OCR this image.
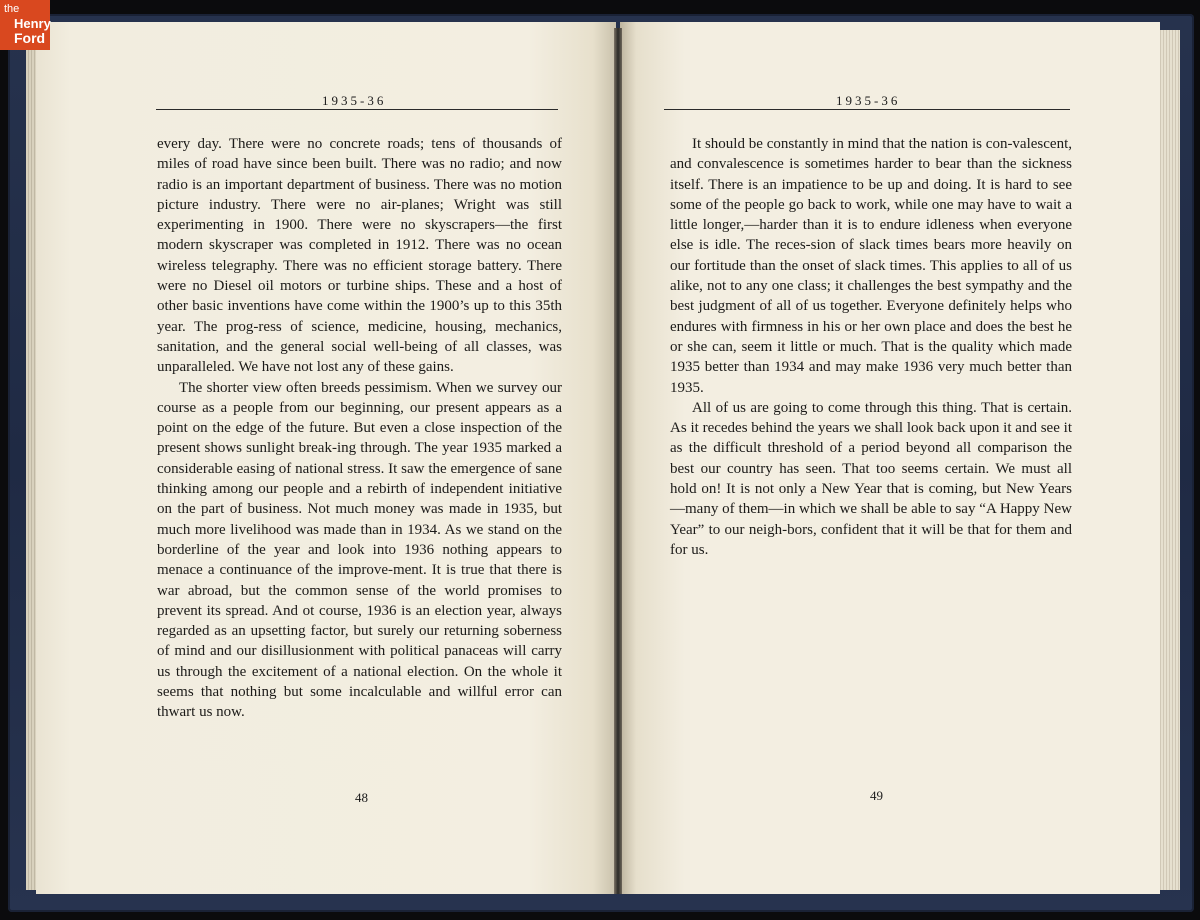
the
Henry
Ford
1935-36

every day. There were no concrete roads; tens of thousands of miles of road have since been built. There was no radio; and now radio is an important department of business. There was no motion picture industry. There were no air-planes; Wright was still experimenting in 1900. There were no skyscrapers—the first modern skyscraper was completed in 1912. There was no ocean wireless telegraphy. There was no efficient storage battery. There were no Diesel oil motors or turbine ships. These and a host of other basic inventions have come within the 1900’s up to this 35th year. The prog-ress of science, medicine, housing, mechanics, sanitation, and the general social well-being of all classes, was unparalleled. We have not lost any of these gains.

The shorter view often breeds pessimism. When we survey our course as a people from our beginning, our present appears as a point on the edge of the future. But even a close inspection of the present shows sunlight break-ing through. The year 1935 marked a considerable easing of national stress. It saw the emergence of sane thinking among our people and a rebirth of independent initiative on the part of business. Not much money was made in 1935, but much more livelihood was made than in 1934. As we stand on the borderline of the year and look into 1936 nothing appears to menace a continuance of the improve-ment. It is true that there is war abroad, but the common sense of the world promises to prevent its spread. And ot course, 1936 is an election year, always regarded as an upsetting factor, but surely our returning soberness of mind and our disillusionment with political panaceas will carry us through the excitement of a national election. On the whole it seems that nothing but some incalculable and willful error can thwart us now.

48
1935-36

It should be constantly in mind that the nation is con-valescent, and convalescence is sometimes harder to bear than the sickness itself. There is an impatience to be up and doing. It is hard to see some of the people go back to work, while one may have to wait a little longer,—harder than it is to endure idleness when everyone else is idle. The reces-sion of slack times bears more heavily on our fortitude than the onset of slack times. This applies to all of us alike, not to any one class; it challenges the best sympathy and the best judgment of all of us together. Everyone definitely helps who endures with firmness in his or her own place and does the best he or she can, seem it little or much. That is the quality which made 1935 better than 1934 and may make 1936 very much better than 1935.

All of us are going to come through this thing. That is certain. As it recedes behind the years we shall look back upon it and see it as the difficult threshold of a period beyond all comparison the best our country has seen. That too seems certain. We must all hold on! It is not only a New Year that is coming, but New Years—many of them—in which we shall be able to say “A Happy New Year” to our neigh-bors, confident that it will be that for them and for us.

49
